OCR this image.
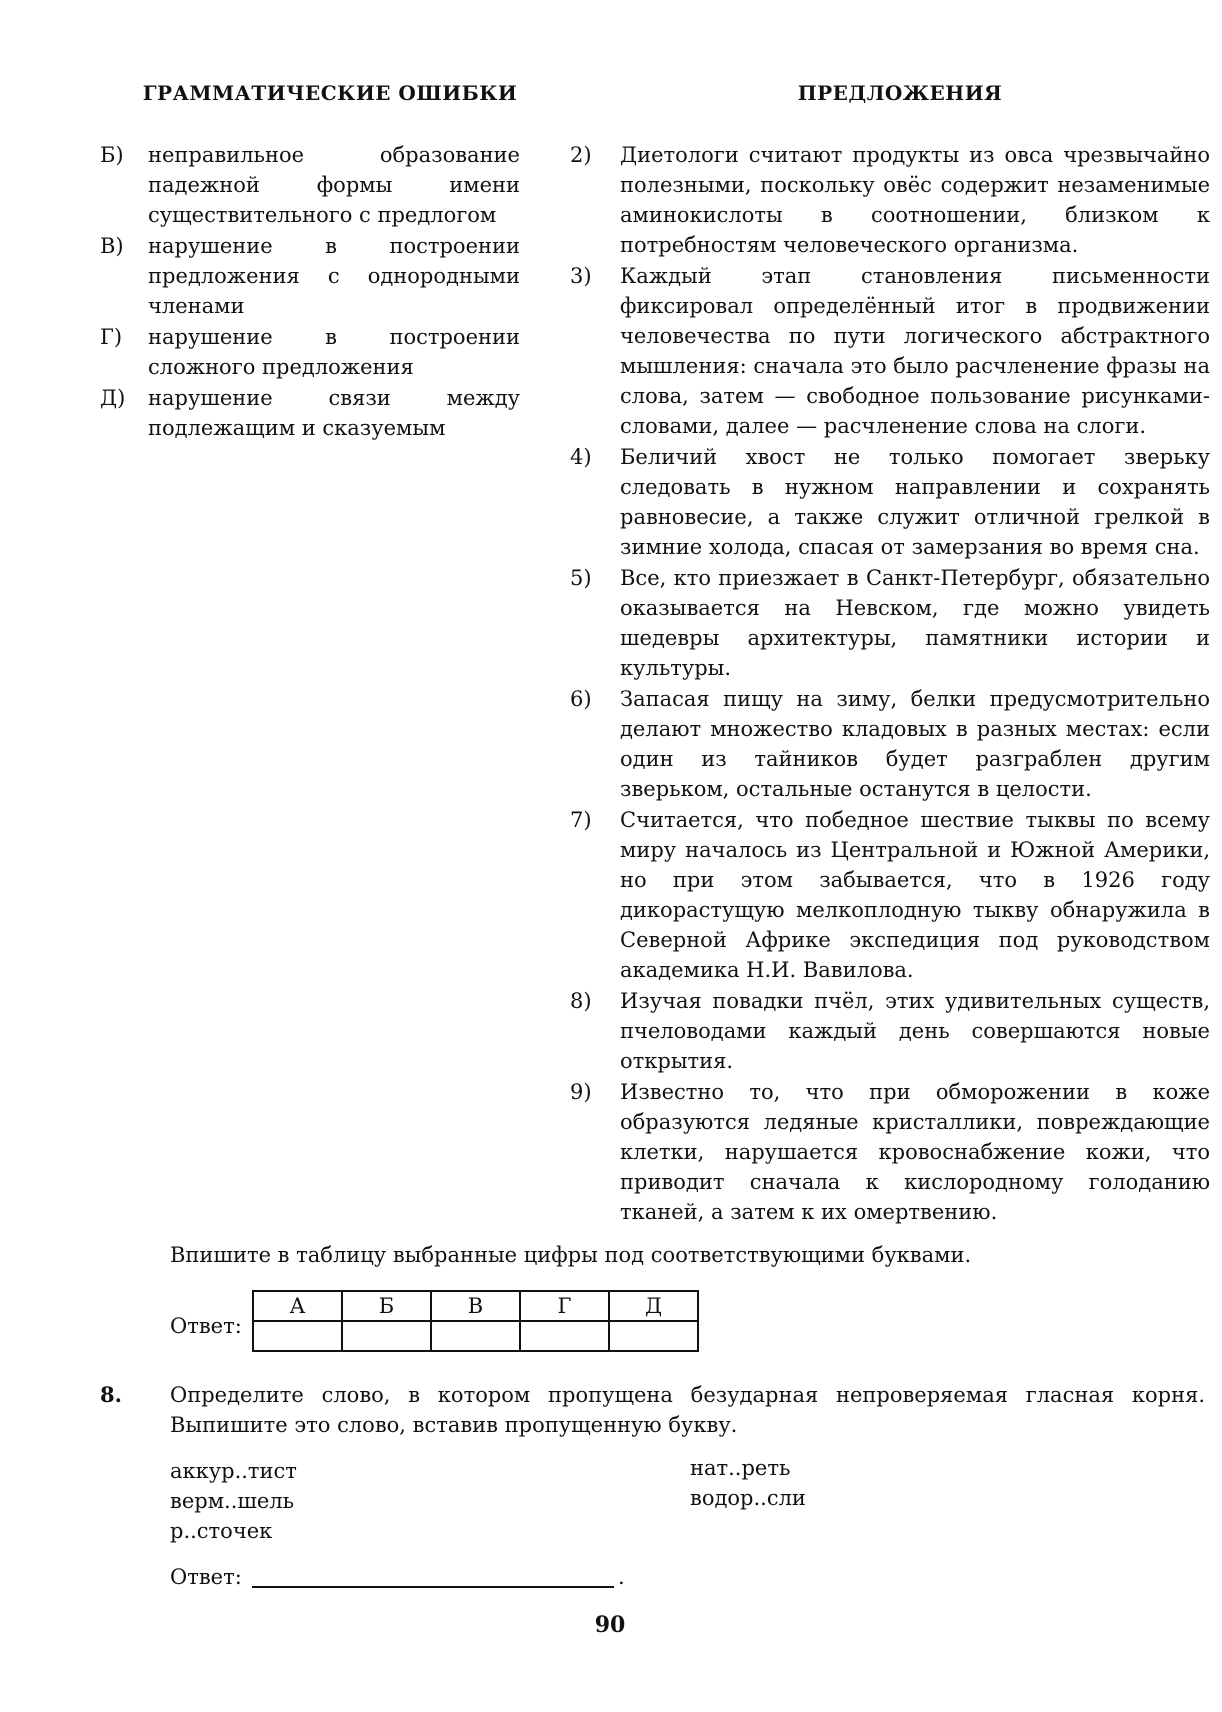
ГРАММАТИЧЕСКИЕ ОШИБКИ	ПРЕДЛОЖЕНИЯ
Б)	неправильное образование падежной формы имени существительного с предлогом
В)	нарушение в построении предложения с однородными членами
Г)	нарушение в построении сложного предложения
Д)	нарушение связи между подлежащим и сказуемым
2)	Диетологи считают продукты из овса чрезвычайно полезными, поскольку овёс содержит незаменимые аминокислоты в соотношении, близком к потребностям человеческого организма.
3)	Каждый этап становления письменности фиксировал определённый итог в продвижении человечества по пути логического абстрактного мышления: сначала это было расчленение фразы на слова, затем — свободное пользование рисунками-словами, далее — расчленение слова на слоги.
4)	Беличий хвост не только помогает зверьку следовать в нужном направлении и сохранять равновесие, а также служит отличной грелкой в зимние холода, спасая от замерзания во время сна.
5)	Все, кто приезжает в Санкт-Петербург, обязательно оказывается на Невском, где можно увидеть шедевры архитектуры, памятники истории и культуры.
6)	Запасая пищу на зиму, белки предусмотрительно делают множество кладовых в разных местах: если один из тайников будет разграблен другим зверьком, остальные останутся в целости.
7)	Считается, что победное шествие тыквы по всему миру началось из Центральной и Южной Америки, но при этом забывается, что в 1926 году дикорастущую мелкоплодную тыкву обнаружила в Северной Африке экспедиция под руководством академика Н.И. Вавилова.
8)	Изучая повадки пчёл, этих удивительных существ, пчеловодами каждый день совершаются новые открытия.
9)	Известно то, что при обморожении в коже образуются ледяные кристаллики, повреждающие клетки, нарушается кровоснабжение кожи, что приводит сначала к кислородному голоданию тканей, а затем к их омертвению.
Впишите в таблицу выбранные цифры под соответствующими буквами.
Ответ:
А	Б	В	Г	Д

8. Определите слово, в котором пропущена безударная непроверяемая гласная корня. Выпишите это слово, вставив пропущенную букву.
аккур..тист
верм..шель
р..сточек
нат..реть
водор..сли
Ответ:	.
90
